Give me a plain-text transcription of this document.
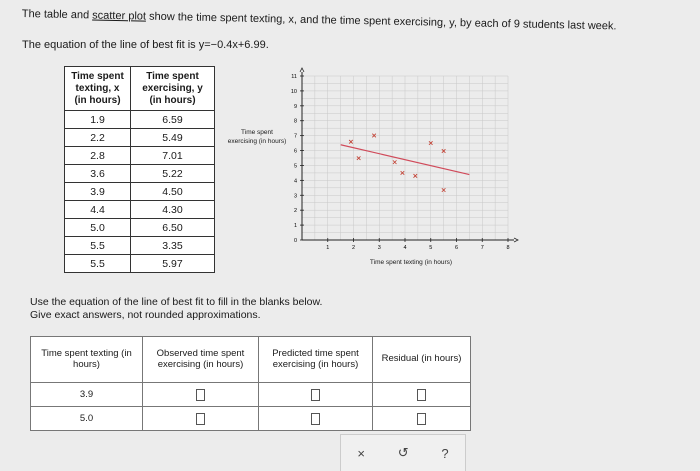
The table and scatter plot show the time spent texting, x, and the time spent exercising, y, by each of 9 students last week.
The equation of the line of best fit is y=−0.4x+6.99.
Time spent texting, x (in hours)	Time spent exercising, y (in hours)
1.9	6.59
2.2	5.49
2.8	7.01
3.6	5.22
3.9	4.50
4.4	4.30
5.0	6.50
5.5	3.35
5.5	5.97
Time spent exercising (in hours)
1	2	3	4	5	6	7	8
0
1
2
3
4
5
6
7
8
9
10
11
Time spent texting (in hours)
Use the equation of the line of best fit to fill in the blanks below.
Give exact answers, not rounded approximations.
Time spent texting (in hours)	Observed time spent exercising (in hours)	Predicted time spent exercising (in hours)	Residual (in hours)
3.9			
5.0			
×	↺	?
